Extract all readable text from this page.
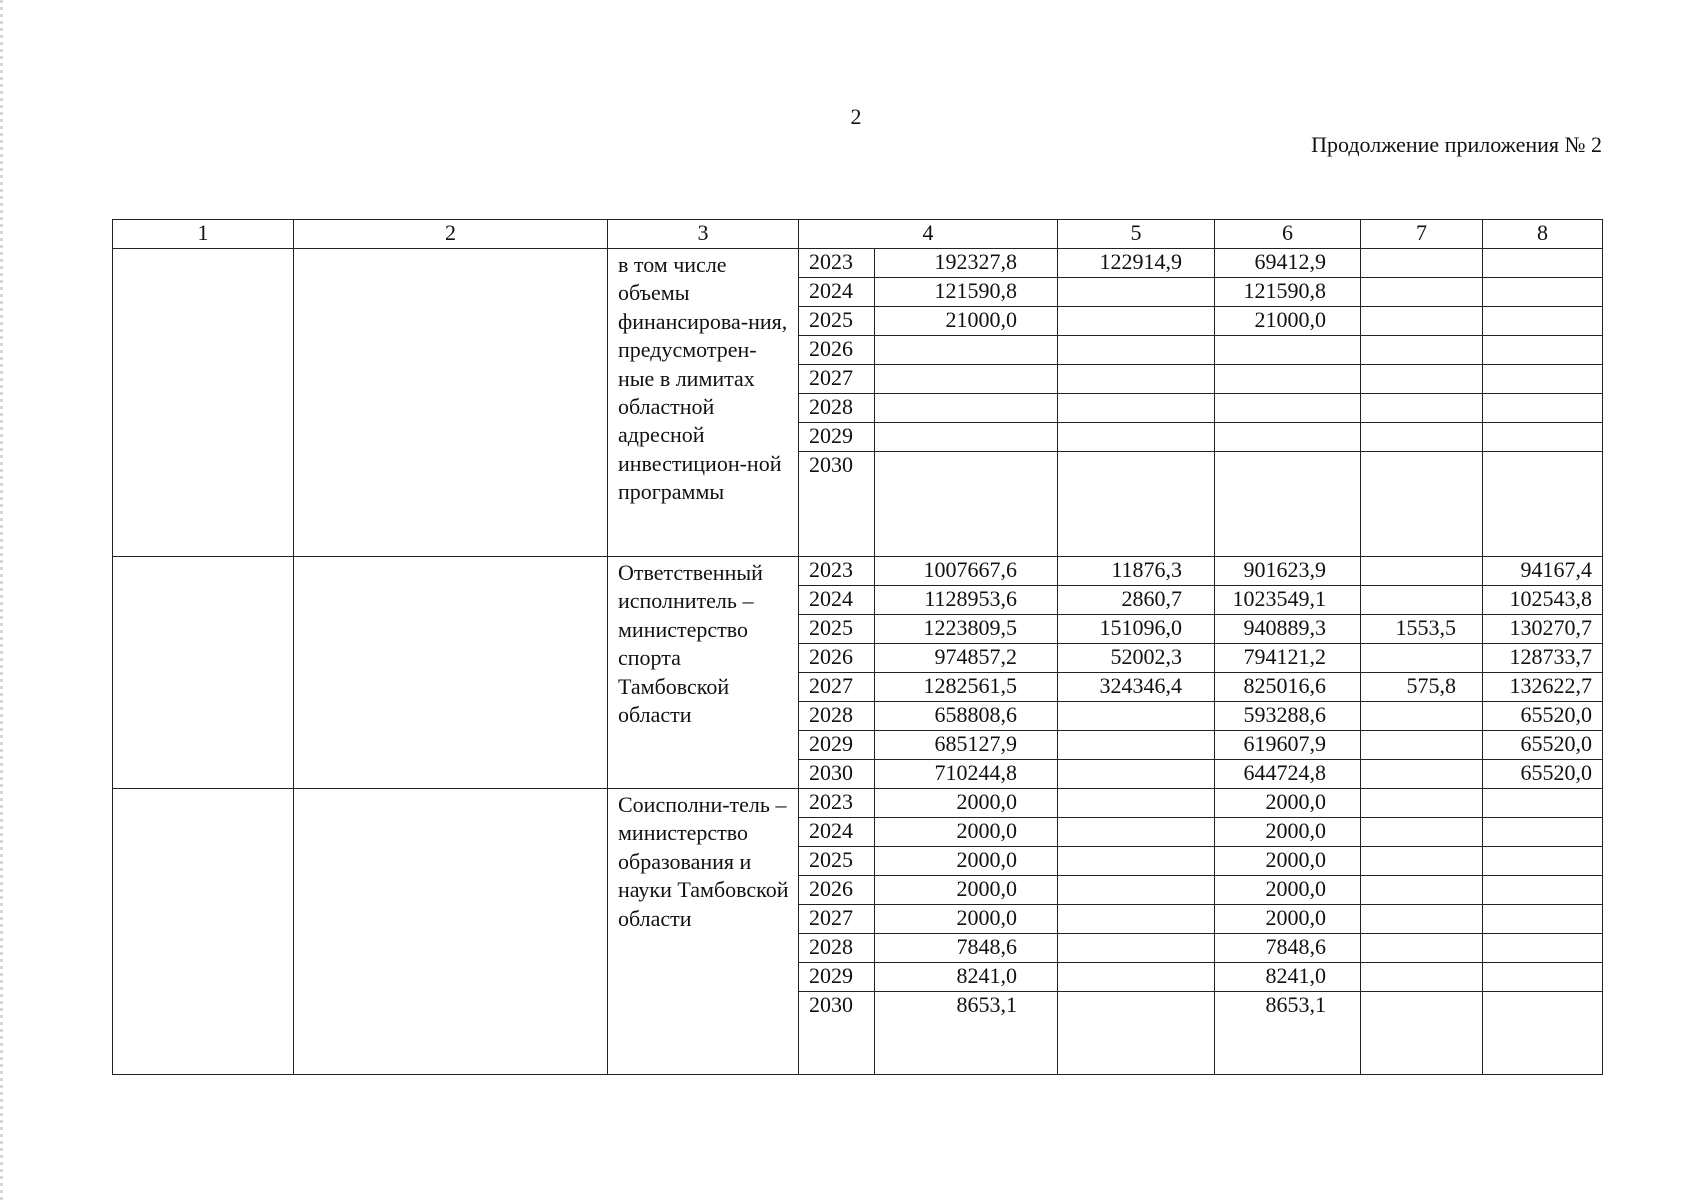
2
Продолжение приложения № 2
1	2	3	4		5	6	7	8
		в том числе объемы финансирова-ния, предусмотрен-ные в лимитах областной адресной инвестицион-ной программы	2023	192327,8	122914,9	69412,9		
			2024	121590,8		121590,8		
			2025	21000,0		21000,0		
			2026					
			2027					
			2028					
			2029					
			2030					
		Ответственный исполнитель – министерство спорта Тамбовской области	2023	1007667,6	11876,3	901623,9		94167,4
			2024	1128953,6	2860,7	1023549,1		102543,8
			2025	1223809,5	151096,0	940889,3	1553,5	130270,7
			2026	974857,2	52002,3	794121,2		128733,7
			2027	1282561,5	324346,4	825016,6	575,8	132622,7
			2028	658808,6		593288,6		65520,0
			2029	685127,9		619607,9		65520,0
			2030	710244,8		644724,8		65520,0
		Соисполни-тель – министерство образования и науки Тамбовской области	2023	2000,0		2000,0		
			2024	2000,0		2000,0		
			2025	2000,0		2000,0		
			2026	2000,0		2000,0		
			2027	2000,0		2000,0		
			2028	7848,6		7848,6		
			2029	8241,0		8241,0		
			2030	8653,1		8653,1		
